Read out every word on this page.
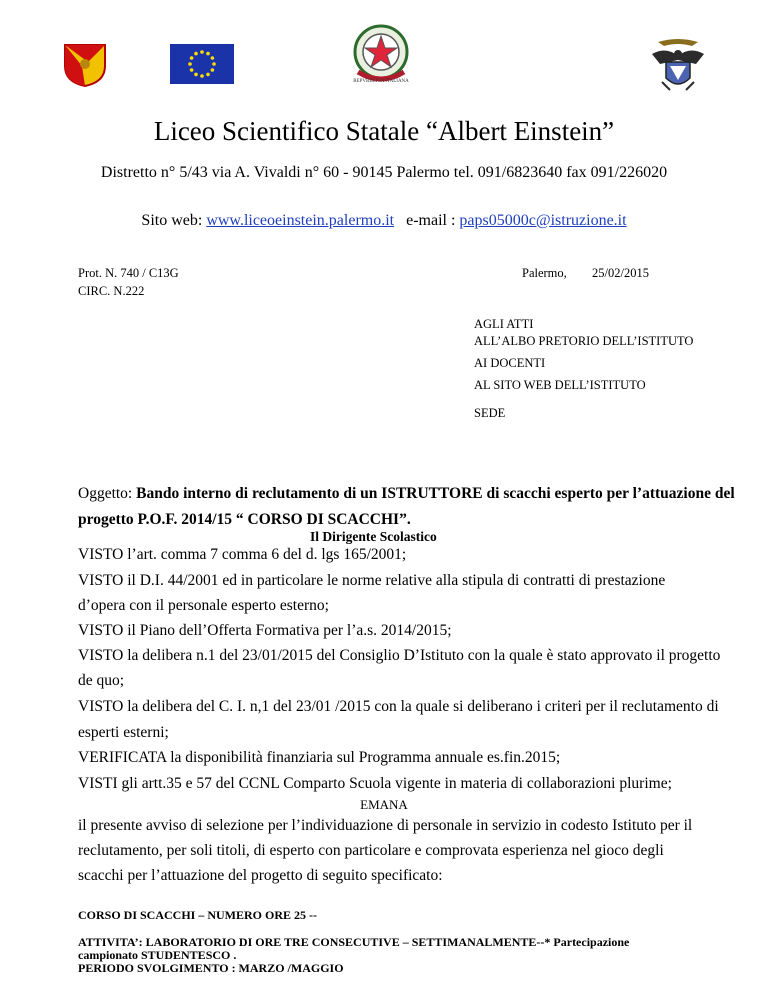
REPVBBLICA ITALIANA
Liceo Scientifico Statale “Albert Einstein”
Distretto n° 5/43 via A. Vivaldi n° 60 - 90145 Palermo tel. 091/6823640 fax 091/226020
Sito web: www.liceoeinstein.palermo.it e-mail : paps05000c@istruzione.it
Prot. N. 740 / C13G
CIRC. N.222
Palermo, 25/02/2015
AGLI ATTI
ALL’ALBO PRETORIO DELL’ISTITUTO
AI DOCENTI
AL SITO WEB DELL’ISTITUTO
SEDE
Oggetto: Bando interno di reclutamento di un ISTRUTTORE di scacchi esperto per l’attuazione del
progetto P.O.F. 2014/15 “ CORSO DI SCACCHI”.
Il Dirigente Scolastico
VISTO l’art. comma 7 comma 6 del d. lgs 165/2001;
VISTO il D.I. 44/2001 ed in particolare le norme relative alla stipula di contratti di prestazione
d’opera con il personale esperto esterno;
VISTO il Piano dell’Offerta Formativa per l’a.s. 2014/2015;
VISTO la delibera n.1 del 23/01/2015 del Consiglio D’Istituto con la quale è stato approvato il progetto
de quo;
VISTO la delibera del C. I. n,1 del 23/01 /2015 con la quale si deliberano i criteri per il reclutamento di
esperti esterni;
VERIFICATA la disponibilità finanziaria sul Programma annuale es.fin.2015;
VISTI gli artt.35 e 57 del CCNL Comparto Scuola vigente in materia di collaborazioni plurime;
EMANA
il presente avviso di selezione per l’individuazione di personale in servizio in codesto Istituto per il
reclutamento, per soli titoli, di esperto con particolare e comprovata esperienza nel gioco degli
scacchi per l’attuazione del progetto di seguito specificato:
CORSO DI SCACCHI – NUMERO ORE 25 --
ATTIVITA’: LABORATORIO DI ORE TRE CONSECUTIVE – SETTIMANALMENTE--* Partecipazione
campionato STUDENTESCO .
PERIODO SVOLGIMENTO : MARZO /MAGGIO
